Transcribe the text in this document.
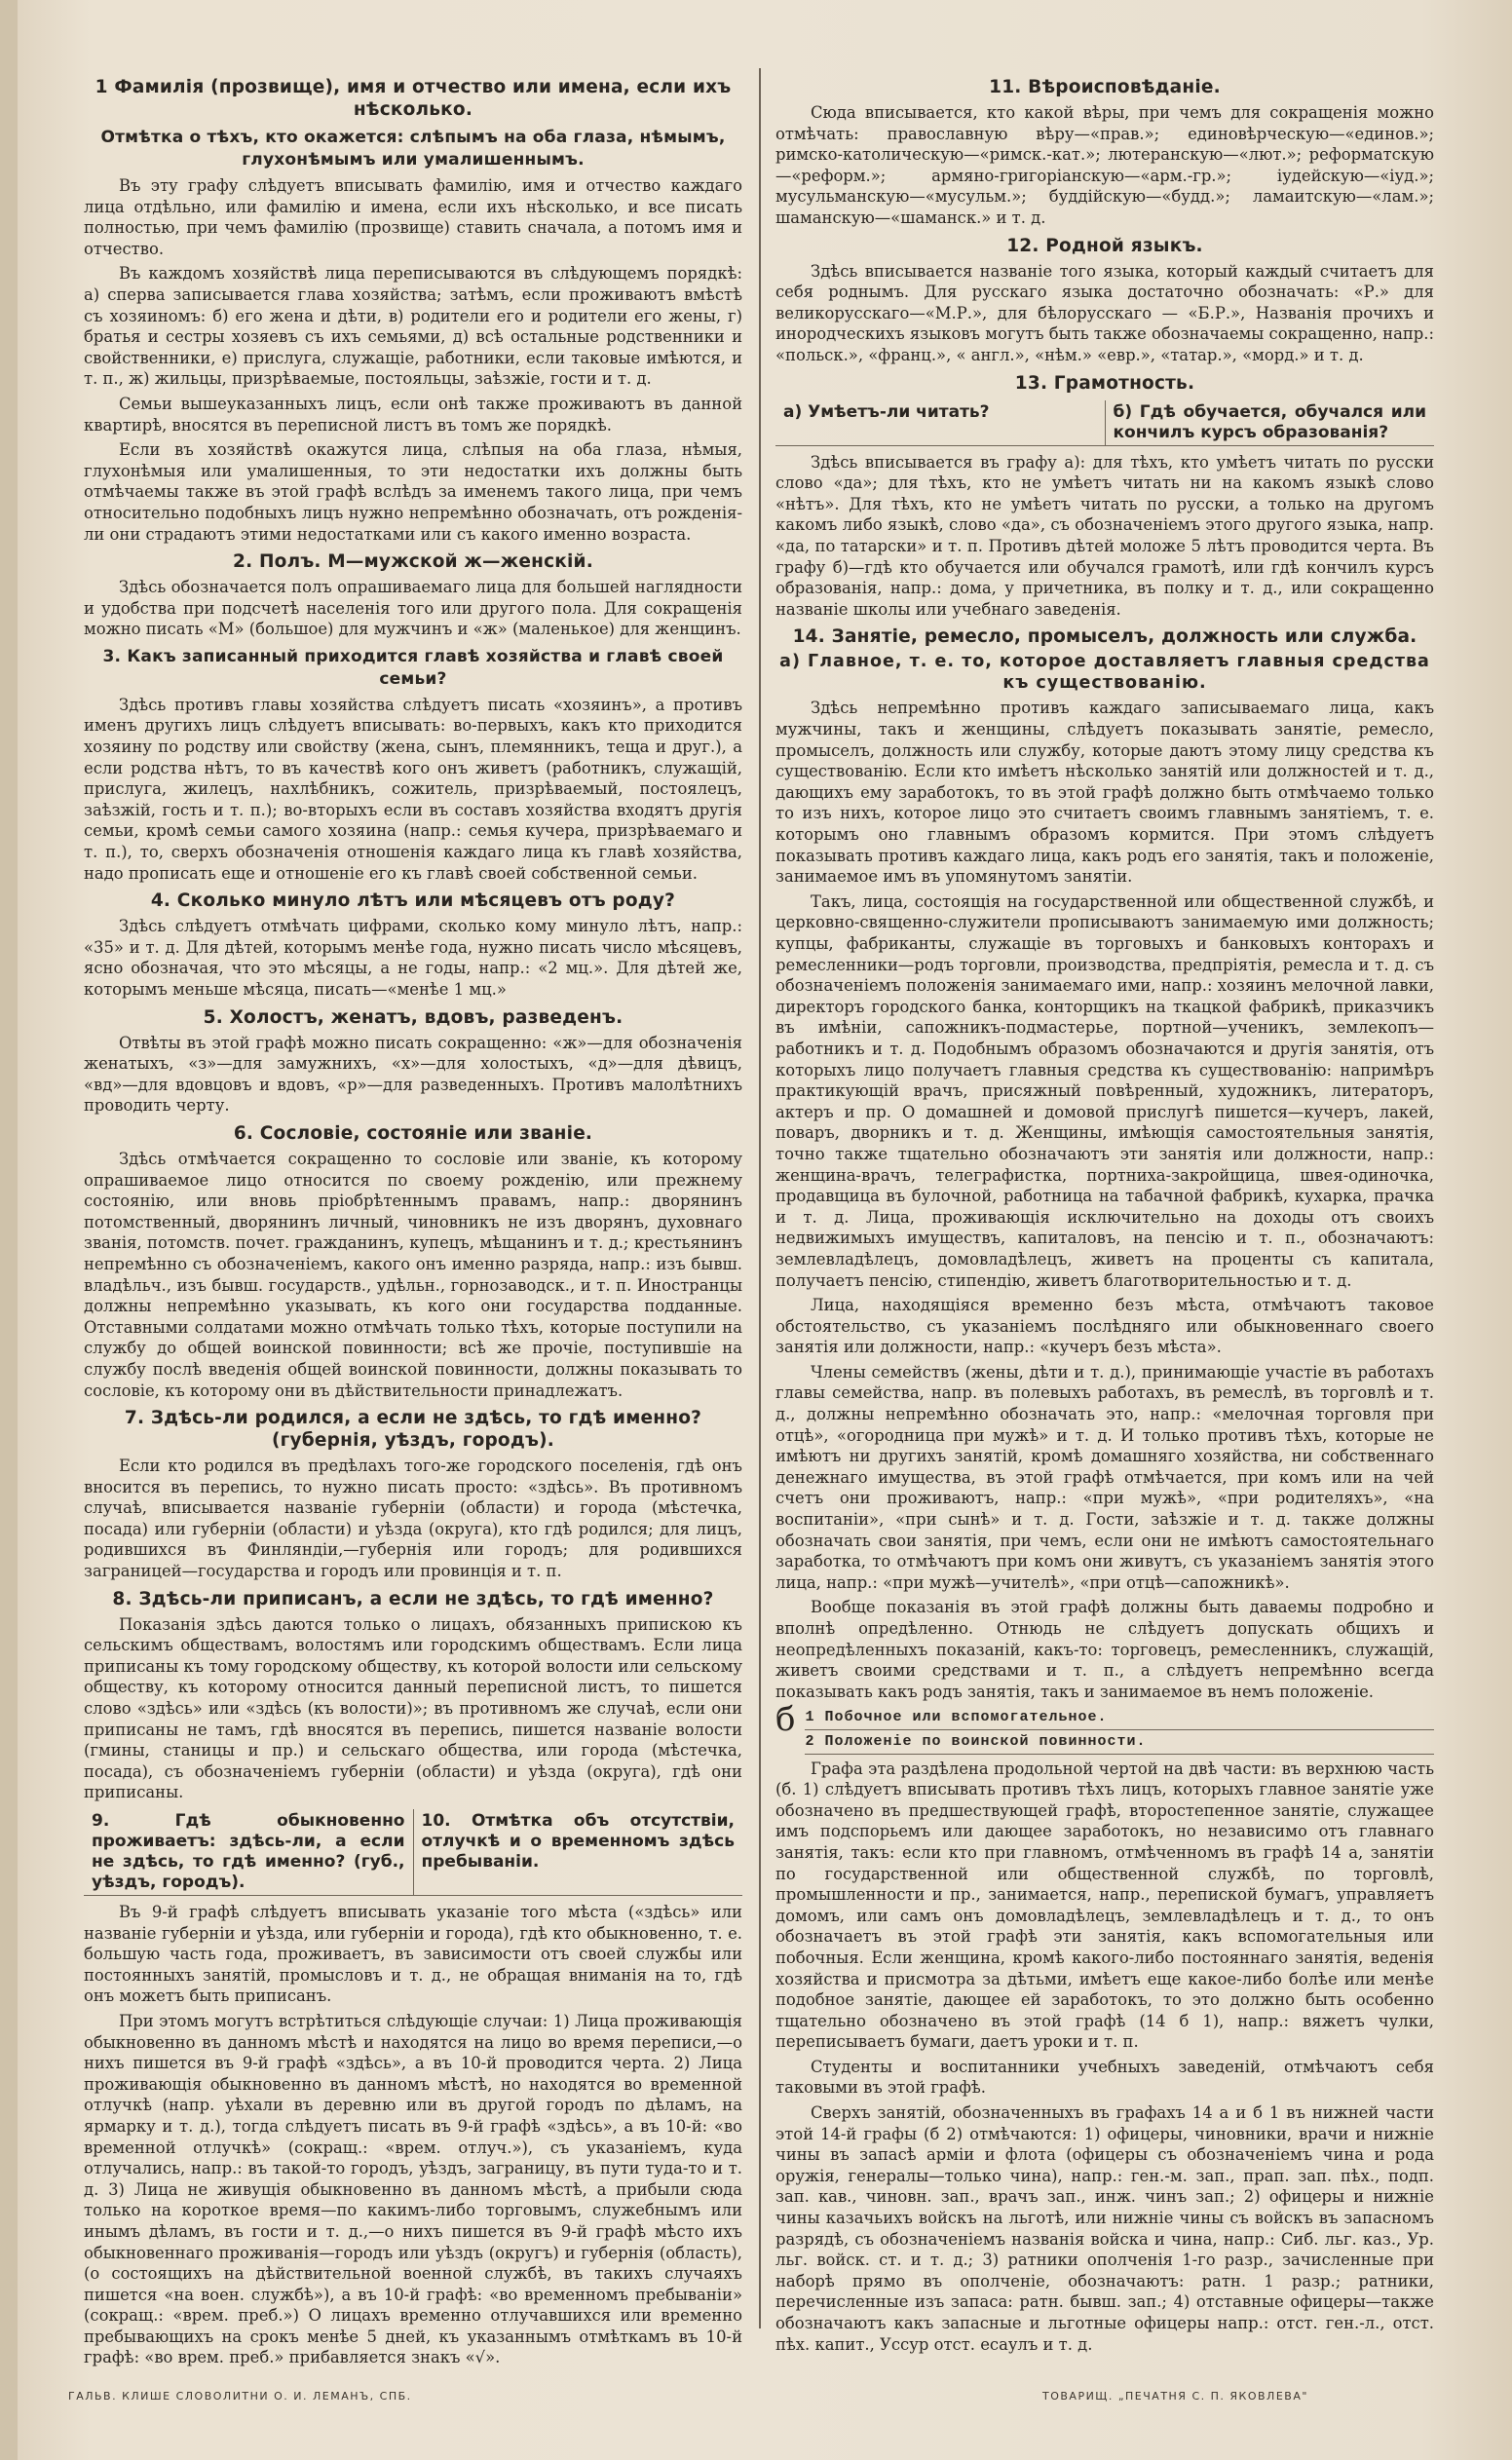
1 Фамилія (прозвище), имя и отчество или имена, если ихъ нѣсколько.
Отмѣтка о тѣхъ, кто окажется: слѣпымъ на оба глаза, нѣмымъ, глухонѣмымъ или умалишеннымъ.

Въ эту графу слѣдуетъ вписывать фамилію, имя и отчество каждаго лица отдѣльно, или фамилію и имена, если ихъ нѣсколько, и все писать полностью, при чемъ фамилію (прозвище) ставить сначала, а потомъ имя и отчество.

Въ каждомъ хозяйствѣ лица переписываются въ слѣдующемъ порядкѣ: а) сперва записывается глава хозяйства; затѣмъ, если проживаютъ вмѣстѣ съ хозяиномъ: б) его жена и дѣти, в) родители его и родители его жены, г) братья и сестры хозяевъ съ ихъ семьями, д) всѣ остальные родственники и свойственники, е) прислуга, служащіе, работники, если таковые имѣются, и т. п., ж) жильцы, призрѣваемые, постояльцы, заѣзжіе, гости и т. д.

Семьи вышеуказанныхъ лицъ, если онѣ также проживаютъ въ данной квартирѣ, вносятся въ переписной листъ въ томъ же порядкѣ.

Если въ хозяйствѣ окажутся лица, слѣпыя на оба глаза, нѣмыя, глухонѣмыя или умалишенныя, то эти недостатки ихъ должны быть отмѣчаемы также въ этой графѣ вслѣдъ за именемъ такого лица, при чемъ относительно подобныхъ лицъ нужно непремѣнно обозначать, отъ рожденія-ли они страдаютъ этими недостатками или съ какого именно возраста.

2. Полъ. М—мужской ж—женскій.

Здѣсь обозначается полъ опрашиваемаго лица для большей наглядности и удобства при подсчетѣ населенія того или другого пола. Для сокращенія можно писать «М» (большое) для мужчинъ и «ж» (маленькое) для женщинъ.

3. Какъ записанный приходится главѣ хозяйства и главѣ своей семьи?

Здѣсь противъ главы хозяйства слѣдуетъ писать «хозяинъ», а противъ именъ другихъ лицъ слѣдуетъ вписывать: во-первыхъ, какъ кто приходится хозяину по родству или свойству (жена, сынъ, племянникъ, теща и друг.), а если родства нѣтъ, то въ качествѣ кого онъ живетъ (работникъ, служащій, прислуга, жилецъ, нахлѣбникъ, сожитель, призрѣваемый, постоялецъ, заѣзжій, гость и т. п.); во-вторыхъ если въ составъ хозяйства входятъ другія семьи, кромѣ семьи самого хозяина (напр.: семья кучера, призрѣваемаго и т. п.), то, сверхъ обозначенія отношенія каждаго лица къ главѣ хозяйства, надо прописать еще и отношеніе его къ главѣ своей собственной семьи.

4. Сколько минуло лѣтъ или мѣсяцевъ отъ роду?

Здѣсь слѣдуетъ отмѣчать цифрами, сколько кому минуло лѣтъ, напр.: «35» и т. д. Для дѣтей, которымъ менѣе года, нужно писать число мѣсяцевъ, ясно обозначая, что это мѣсяцы, а не годы, напр.: «2 мц.». Для дѣтей же, которымъ меньше мѣсяца, писать—«менѣе 1 мц.»

5. Холостъ, женатъ, вдовъ, разведенъ.

Отвѣты въ этой графѣ можно писать сокращенно: «ж»—для обозначенія женатыхъ, «з»—для замужнихъ, «х»—для холостыхъ, «д»—для дѣвицъ, «вд»—для вдовцовъ и вдовъ, «р»—для разведенныхъ. Противъ малолѣтнихъ проводить черту.

6. Сословіе, состояніе или званіе.

Здѣсь отмѣчается сокращенно то сословіе или званіе, къ которому опрашиваемое лицо относится по своему рожденію, или прежнему состоянію, или вновь пріобрѣтеннымъ правамъ, напр.: дворянинъ потомственный, дворянинъ личный, чиновникъ не изъ дворянъ, духовнаго званія, потомств. почет. гражданинъ, купецъ, мѣщанинъ и т. д.; крестьянинъ непремѣнно съ обозначеніемъ, какого онъ именно разряда, напр.: изъ бывш. владѣльч., изъ бывш. государств., удѣльн., горнозаводск., и т. п. Иностранцы должны непремѣнно указывать, къ кого они государства подданные. Отставными солдатами можно отмѣчать только тѣхъ, которые поступили на службу до общей воинской повинности; всѣ же прочіе, поступившіе на службу послѣ введенія общей воинской повинности, должны показывать то сословіе, къ которому они въ дѣйствительности принадлежатъ.

7. Здѣсь-ли родился, а если не здѣсь, то гдѣ именно? (губернія, уѣздъ, городъ).

Если кто родился въ предѣлахъ того-же городского поселенія, гдѣ онъ вносится въ перепись, то нужно писать просто: «здѣсь». Въ противномъ случаѣ, вписывается названіе губерніи (области) и города (мѣстечка, посада) или губерніи (области) и уѣзда (округа), кто гдѣ родился; для лицъ, родившихся въ Финляндіи,—губернія или городъ; для родившихся заграницей—государства и городъ или провинція и т. п.

8. Здѣсь-ли приписанъ, а если не здѣсь, то гдѣ именно?

Показанія здѣсь даются только о лицахъ, обязанныхъ припискою къ сельскимъ обществамъ, волостямъ или городскимъ обществамъ. Если лица приписаны къ тому городскому обществу, къ которой волости или сельскому обществу, къ которому относится данный переписной листъ, то пишется слово «здѣсь» или «здѣсь (къ волости)»; въ противномъ же случаѣ, если они приписаны не тамъ, гдѣ вносятся въ перепись, пишется названіе волости (гмины, станицы и пр.) и сельскаго общества, или города (мѣстечка, посада), съ обозначеніемъ губерніи (области) и уѣзда (округа), гдѣ они приписаны.

9. Гдѣ обыкновенно проживаетъ: здѣсь-ли, а если не здѣсь, то гдѣ именно? (губ., уѣздъ, городъ).
10. Отмѣтка объ отсутствіи, отлучкѣ и о временномъ здѣсь пребываніи.

Въ 9-й графѣ слѣдуетъ вписывать указаніе того мѣста («здѣсь» или названіе губерніи и уѣзда, или губерніи и города), гдѣ кто обыкновенно, т. е. большую часть года, проживаетъ, въ зависимости отъ своей службы или постоянныхъ занятій, промысловъ и т. д., не обращая вниманія на то, гдѣ онъ можетъ быть приписанъ.

При этомъ могутъ встрѣтиться слѣдующіе случаи: 1) Лица проживающія обыкновенно въ данномъ мѣстѣ и находятся на лицо во время переписи,—о нихъ пишется въ 9-й графѣ «здѣсь», а въ 10-й проводится черта. 2) Лица проживающія обыкновенно въ данномъ мѣстѣ, но находятся во временной отлучкѣ (напр. уѣхали въ деревню или въ другой городъ по дѣламъ, на ярмарку и т. д.), тогда слѣдуетъ писать въ 9-й графѣ «здѣсь», а въ 10-й: «во временной отлучкѣ» (сокращ.: «врем. отлуч.»), съ указаніемъ, куда отлучались, напр.: въ такой-то городъ, уѣздъ, заграницу, въ пути туда-то и т. д. 3) Лица не живущія обыкновенно въ данномъ мѣстѣ, а прибыли сюда только на короткое время—по какимъ-либо торговымъ, служебнымъ или инымъ дѣламъ, въ гости и т. д.,—о нихъ пишется въ 9-й графѣ мѣсто ихъ обыкновеннаго проживанія—городъ или уѣздъ (округъ) и губернія (область), (о состоящихъ на дѣйствительной военной службѣ, въ такихъ случаяхъ пишется «на воен. службѣ»), а въ 10-й графѣ: «во временномъ пребываніи» (сокращ.: «врем. преб.») О лицахъ временно отлучавшихся или временно пребывающихъ на срокъ менѣе 5 дней, къ указаннымъ отмѣткамъ въ 10-й графѣ: «во врем. преб.» прибавляется знакъ «√».

11. Вѣроисповѣданіе.

Сюда вписывается, кто какой вѣры, при чемъ для сокращенія можно отмѣчать: православную вѣру—«прав.»; единовѣрческую—«единов.»; римско-католическую—«римск.-кат.»; лютеранскую—«лют.»; реформатскую—«реформ.»; армяно-григоріанскую—«арм.-гр.»; іудейскую—«іуд.»; мусульманскую—«мусульм.»; буддійскую—«будд.»; ламаитскую—«лам.»; шаманскую—«шаманск.» и т. д.

12. Родной языкъ.

Здѣсь вписывается названіе того языка, который каждый считаетъ для себя роднымъ. Для русскаго языка достаточно обозначать: «Р.» для великорусскаго—«М.Р.», для бѣлорусскаго — «Б.Р.», Названія прочихъ и инородческихъ языковъ могутъ быть также обозначаемы сокращенно, напр.: «польск.», «франц.», « англ.», «нѣм.» «евр.», «татар.», «морд.» и т. д.

13. Грамотность.
а) Умѣетъ-ли читать?	б) Гдѣ обучается, обучался или кончилъ курсъ образованія?

Здѣсь вписывается въ графу а): для тѣхъ, кто умѣетъ читать по русски слово «да»; для тѣхъ, кто не умѣетъ читать ни на какомъ языкѣ слово «нѣтъ». Для тѣхъ, кто не умѣетъ читать по русски, а только на другомъ какомъ либо языкѣ, слово «да», съ обозначеніемъ этого другого языка, напр. «да, по татарски» и т. п. Противъ дѣтей моложе 5 лѣтъ проводится черта. Въ графу б)—гдѣ кто обучается или обучался грамотѣ, или гдѣ кончилъ курсъ образованія, напр.: дома, у причетника, въ полку и т. д., или сокращенно названіе школы или учебнаго заведенія.

14. Занятіе, ремесло, промыселъ, должность или служба.
а) Главное, т. е. то, которое доставляетъ главныя средства къ существованію.

Здѣсь непремѣнно противъ каждаго записываемаго лица, какъ мужчины, такъ и женщины, слѣдуетъ показывать занятіе, ремесло, промыселъ, должность или службу, которые даютъ этому лицу средства къ существованію. Если кто имѣетъ нѣсколько занятій или должностей и т. д., дающихъ ему заработокъ, то въ этой графѣ должно быть отмѣчаемо только то изъ нихъ, которое лицо это считаетъ своимъ главнымъ занятіемъ, т. е. которымъ оно главнымъ образомъ кормится. При этомъ слѣдуетъ показывать противъ каждаго лица, какъ родъ его занятія, такъ и положеніе, занимаемое имъ въ упомянутомъ занятіи.

Такъ, лица, состоящія на государственной или общественной службѣ, и церковно-священно-служители прописываютъ занимаемую ими должность; купцы, фабриканты, служащіе въ торговыхъ и банковыхъ конторахъ и ремесленники—родъ торговли, производства, предпріятія, ремесла и т. д. съ обозначеніемъ положенія занимаемаго ими, напр.: хозяинъ мелочной лавки, директоръ городского банка, конторщикъ на ткацкой фабрикѣ, приказчикъ въ имѣніи, сапожникъ-подмастерье, портной—ученикъ, землекопъ—работникъ и т. д. Подобнымъ образомъ обозначаются и другія занятія, отъ которыхъ лицо получаетъ главныя средства къ существованію: напримѣръ практикующій врачъ, присяжный повѣренный, художникъ, литераторъ, актеръ и пр. О домашней и домовой прислугѣ пишется—кучеръ, лакей, поваръ, дворникъ и т. д. Женщины, имѣющія самостоятельныя занятія, точно также тщательно обозначаютъ эти занятія или должности, напр.: женщина-врачъ, телеграфистка, портниха-закройщица, швея-одиночка, продавщица въ булочной, работница на табачной фабрикѣ, кухарка, прачка и т. д. Лица, проживающія исключительно на доходы отъ своихъ недвижимыхъ имуществъ, капиталовъ, на пенсію и т. п., обозначаютъ: землевладѣлецъ, домовладѣлецъ, живетъ на проценты съ капитала, получаетъ пенсію, стипендію, живетъ благотворительностью и т. д.

Лица, находящіяся временно безъ мѣста, отмѣчаютъ таковое обстоятельство, съ указаніемъ послѣдняго или обыкновеннаго своего занятія или должности, напр.: «кучеръ безъ мѣста».

Члены семействъ (жены, дѣти и т. д.), принимающіе участіе въ работахъ главы семейства, напр. въ полевыхъ работахъ, въ ремеслѣ, въ торговлѣ и т. д., должны непремѣнно обозначать это, напр.: «мелочная торговля при отцѣ», «огородница при мужѣ» и т. д. И только противъ тѣхъ, которые не имѣютъ ни другихъ занятій, кромѣ домашняго хозяйства, ни собственнаго денежнаго имущества, въ этой графѣ отмѣчается, при комъ или на чей счетъ они проживаютъ, напр.: «при мужѣ», «при родителяхъ», «на воспитаніи», «при сынѣ» и т. д. Гости, заѣзжіе и т. д. также должны обозначать свои занятія, при чемъ, если они не имѣютъ самостоятельнаго заработка, то отмѣчаютъ при комъ они живутъ, съ указаніемъ занятія этого лица, напр.: «при мужѣ—учителѣ», «при отцѣ—сапожникѣ».

Вообще показанія въ этой графѣ должны быть даваемы подробно и вполнѣ опредѣленно. Отнюдь не слѣдуетъ допускать общихъ и неопредѣленныхъ показаній, какъ-то: торговецъ, ремесленникъ, служащій, живетъ своими средствами и т. п., а слѣдуетъ непремѣнно всегда показывать какъ родъ занятія, такъ и занимаемое въ немъ положеніе.

б 1 Побочное или вспомогательное.
2 Положеніе по воинской повинности.

Графа эта раздѣлена продольной чертой на двѣ части: въ верхнюю часть (б. 1) слѣдуетъ вписывать противъ тѣхъ лицъ, которыхъ главное занятіе уже обозначено въ предшествующей графѣ, второстепенное занятіе, служащее имъ подспорьемъ или дающее заработокъ, но независимо отъ главнаго занятія, такъ: если кто при главномъ, отмѣченномъ въ графѣ 14 а, занятіи по государственной или общественной службѣ, по торговлѣ, промышленности и пр., занимается, напр., перепиской бумагъ, управляетъ домомъ, или самъ онъ домовладѣлецъ, землевладѣлецъ и т. д., то онъ обозначаетъ въ этой графѣ эти занятія, какъ вспомогательныя или побочныя. Если женщина, кромѣ какого-либо постояннаго занятія, веденія хозяйства и присмотра за дѣтьми, имѣетъ еще какое-либо болѣе или менѣе подобное занятіе, дающее ей заработокъ, то это должно быть особенно тщательно обозначено въ этой графѣ (14 б 1), напр.: вяжетъ чулки, переписываетъ бумаги, даетъ уроки и т. п.

Студенты и воспитанники учебныхъ заведеній, отмѣчаютъ себя таковыми въ этой графѣ.

Сверхъ занятій, обозначенныхъ въ графахъ 14 а и б 1 въ нижней части этой 14-й графы (б 2) отмѣчаются: 1) офицеры, чиновники, врачи и нижніе чины въ запасѣ арміи и флота (офицеры съ обозначеніемъ чина и рода оружія, генералы—только чина), напр.: ген.-м. зап., прап. зап. пѣх., подп. зап. кав., чиновн. зап., врачъ зап., инж. чинъ зап.; 2) офицеры и нижніе чины казачьихъ войскъ на льготѣ, или нижніе чины съ войскъ въ запасномъ разрядѣ, съ обозначеніемъ названія войска и чина, напр.: Сиб. льг. каз., Ур. льг. войск. ст. и т. д.; 3) ратники ополченія 1-го разр., зачисленные при наборѣ прямо въ ополченіе, обозначаютъ: ратн. 1 разр.; ратники, перечисленные изъ запаса: ратн. бывш. зап.; 4) отставные офицеры—также обозначаютъ какъ запасные и льготные офицеры напр.: отст. ген.-л., отст. пѣх. капит., Уссур отст. есаулъ и т. д.

ГАЛЬВ. КЛИШЕ СЛОВОЛИТНИ О. И. ЛЕМАНЪ, СПБ.	ТОВАРИЩ. „ПЕЧАТНЯ С. П. ЯКОВЛЕВА"
